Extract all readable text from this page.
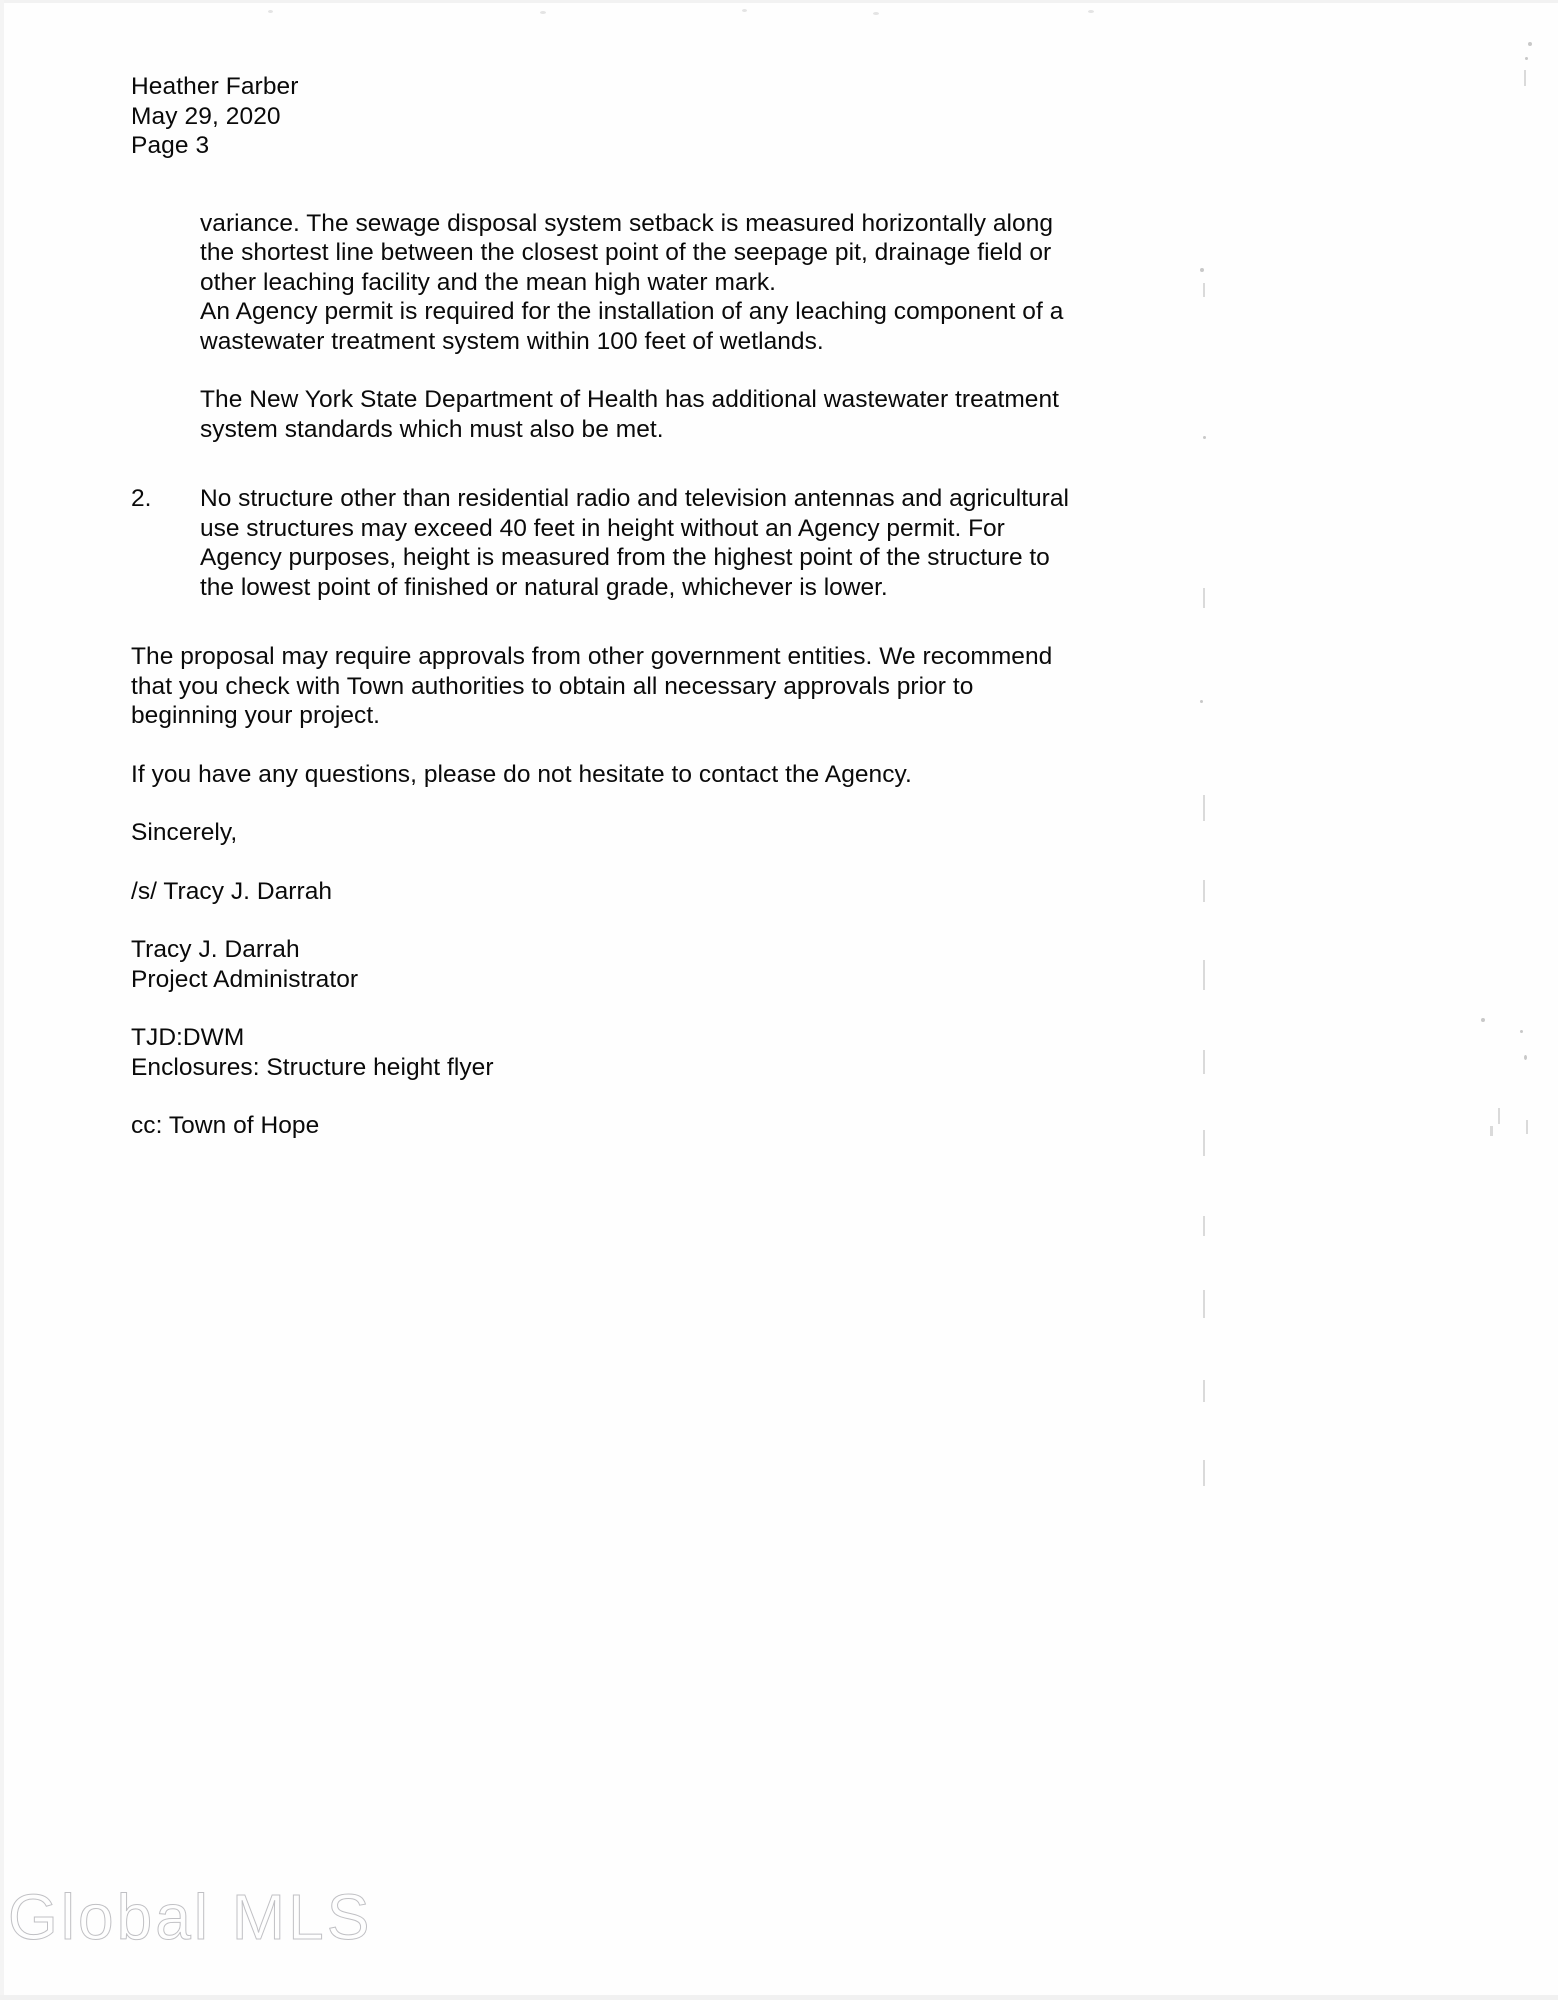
Heather Farber
May 29, 2020
Page 3
variance. The sewage disposal system setback is measured horizontally along the shortest line between the closest point of the seepage pit, drainage field or other leaching facility and the mean high water mark.
An Agency permit is required for the installation of any leaching component of a wastewater treatment system within 100 feet of wetlands.
The New York State Department of Health has additional wastewater treatment system standards which must also be met.
2.	No structure other than residential radio and television antennas and agricultural use structures may exceed 40 feet in height without an Agency permit. For Agency purposes, height is measured from the highest point of the structure to the lowest point of finished or natural grade, whichever is lower.
The proposal may require approvals from other government entities. We recommend that you check with Town authorities to obtain all necessary approvals prior to beginning your project.
If you have any questions, please do not hesitate to contact the Agency.
Sincerely,
/s/ Tracy J. Darrah
Tracy J. Darrah
Project Administrator
TJD:DWM
Enclosures: Structure height flyer
cc: Town of Hope
Global MLS
